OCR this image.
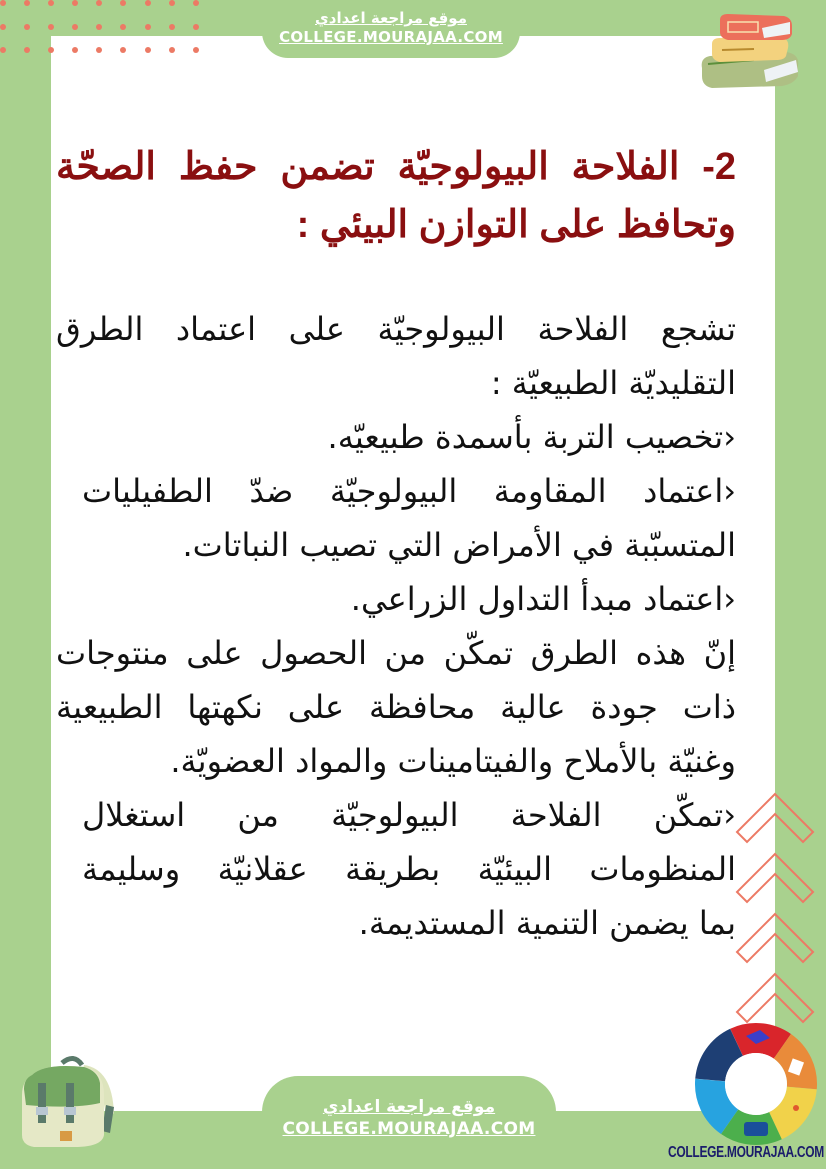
موقع مراجعة اعدادي
COLLEGE.MOURAJAA.COM
2- الفلاحة البيولوجيّة تضمن حفظ الصحّة
وتحافظ على التوازن البيئي :

تشجع الفلاحة البيولوجيّة على اعتماد الطرق
التقليديّة الطبيعيّة :

‹تخصيب التربة بأسمدة طبيعيّه.
‹اعتماد المقاومة البيولوجيّة ضدّ الطفيليات
المتسبّبة في الأمراض التي تصيب النباتات.
‹اعتماد مبدأ التداول الزراعي.

إنّ هذه الطرق تمكّن من الحصول على منتوجات
ذات جودة عالية محافظة على نكهتها الطبيعية
وغنيّة بالأملاح والفيتامينات والمواد العضويّة.

‹تمكّن الفلاحة البيولوجيّة من استغلال
المنظومات البيئيّة بطريقة عقلانيّة وسليمة
بما يضمن التنمية المستديمة.
موقع مراجعة اعدادي
COLLEGE.MOURAJAA.COM
COLLEGE.MOURAJAA.COM
